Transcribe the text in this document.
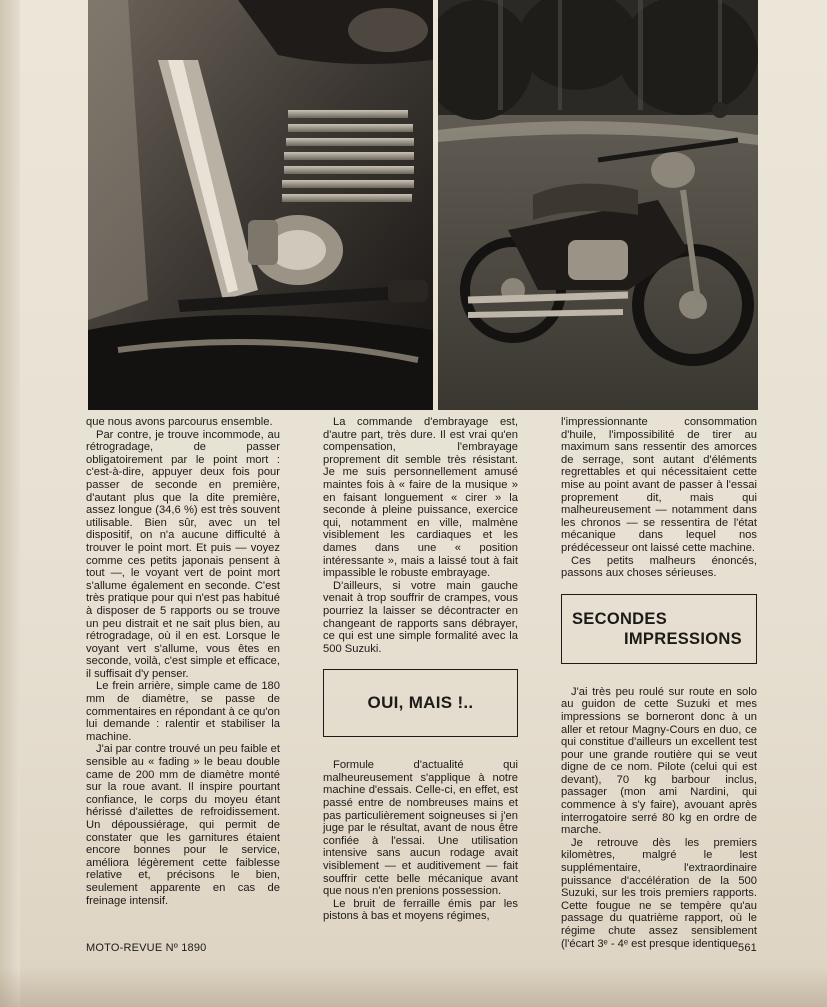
que nous avons parcourus ensemble.

Par contre, je trouve incommode, au rétrogradage, de passer obligatoirement par le point mort : c'est-à-dire, appuyer deux fois pour passer de seconde en première, d'autant plus que la dite première, assez longue (34,6 %) est très souvent utilisable. Bien sûr, avec un tel dispositif, on n'a aucune difficulté à trouver le point mort. Et puis — voyez comme ces petits japonais pensent à tout —, le voyant vert de point mort s'allume également en seconde. C'est très pratique pour qui n'est pas habitué à disposer de 5 rapports ou se trouve un peu distrait et ne sait plus bien, au rétrogradage, où il en est. Lorsque le voyant vert s'allume, vous êtes en seconde, voilà, c'est simple et efficace, il suffisait d'y penser.

Le frein arrière, simple came de 180 mm de diamètre, se passe de commentaires en répondant à ce qu'on lui demande : ralentir et stabiliser la machine.

J'ai par contre trouvé un peu faible et sensible au « fading » le beau double came de 200 mm de diamètre monté sur la roue avant. Il inspire pourtant confiance, le corps du moyeu étant hérissé d'ailettes de refroidissement. Un dépoussiérage, qui permit de constater que les garnitures étaient encore bonnes pour le service, améliora légèrement cette faiblesse relative et, précisons le bien, seulement apparente en cas de freinage intensif.

La commande d'embrayage est, d'autre part, très dure. Il est vrai qu'en compensation, l'embrayage proprement dit semble très résistant. Je me suis personnellement amusé maintes fois à « faire de la musique » en faisant longuement « cirer » la seconde à pleine puissance, exercice qui, notamment en ville, malmène visiblement les cardiaques et les dames dans une « position intéressante », mais a laissé tout à fait impassible le robuste embrayage.

D'ailleurs, si votre main gauche venait à trop souffrir de crampes, vous pourriez la laisser se décontracter en changeant de rapports sans débrayer, ce qui est une simple formalité avec la 500 Suzuki.

OUI, MAIS !..

Formule d'actualité qui malheureusement s'applique à notre machine d'essais. Celle-ci, en effet, est passé entre de nombreuses mains et pas particulièrement soigneuses si j'en juge par le résultat, avant de nous être confiée à l'essai. Une utilisation intensive sans aucun rodage avait visiblement — et auditivement — fait souffrir cette belle mécanique avant que nous n'en prenions possession.

Le bruit de ferraille émis par les pistons à bas et moyens régimes,

l'impressionnante consommation d'huile, l'impossibilité de tirer au maximum sans ressentir des amorces de serrage, sont autant d'éléments regrettables et qui nécessitaient cette mise au point avant de passer à l'essai proprement dit, mais qui malheureusement — notamment dans les chronos — se ressentira de l'état mécanique dans lequel nos prédécesseur ont laissé cette machine.

Ces petits malheurs énoncés, passons aux choses sérieuses.

SECONDES
IMPRESSIONS

J'ai très peu roulé sur route en solo au guidon de cette Suzuki et mes impressions se borneront donc à un aller et retour Magny-Cours en duo, ce qui constitue d'ailleurs un excellent test pour une grande routière qui se veut digne de ce nom. Pilote (celui qui est devant), 70 kg barbour inclus, passager (mon ami Nardini, qui commence à s'y faire), avouant après interrogatoire serré 80 kg en ordre de marche.

Je retrouve dès les premiers kilomètres, malgré le lest supplémentaire, l'extraordinaire puissance d'accélération de la 500 Suzuki, sur les trois premiers rapports. Cette fougue ne se tempère qu'au passage du quatrième rapport, où le régime chute assez sensiblement (l'écart 3ᵉ - 4ᵉ est presque identique

MOTO-REVUE Nº 1890	561
